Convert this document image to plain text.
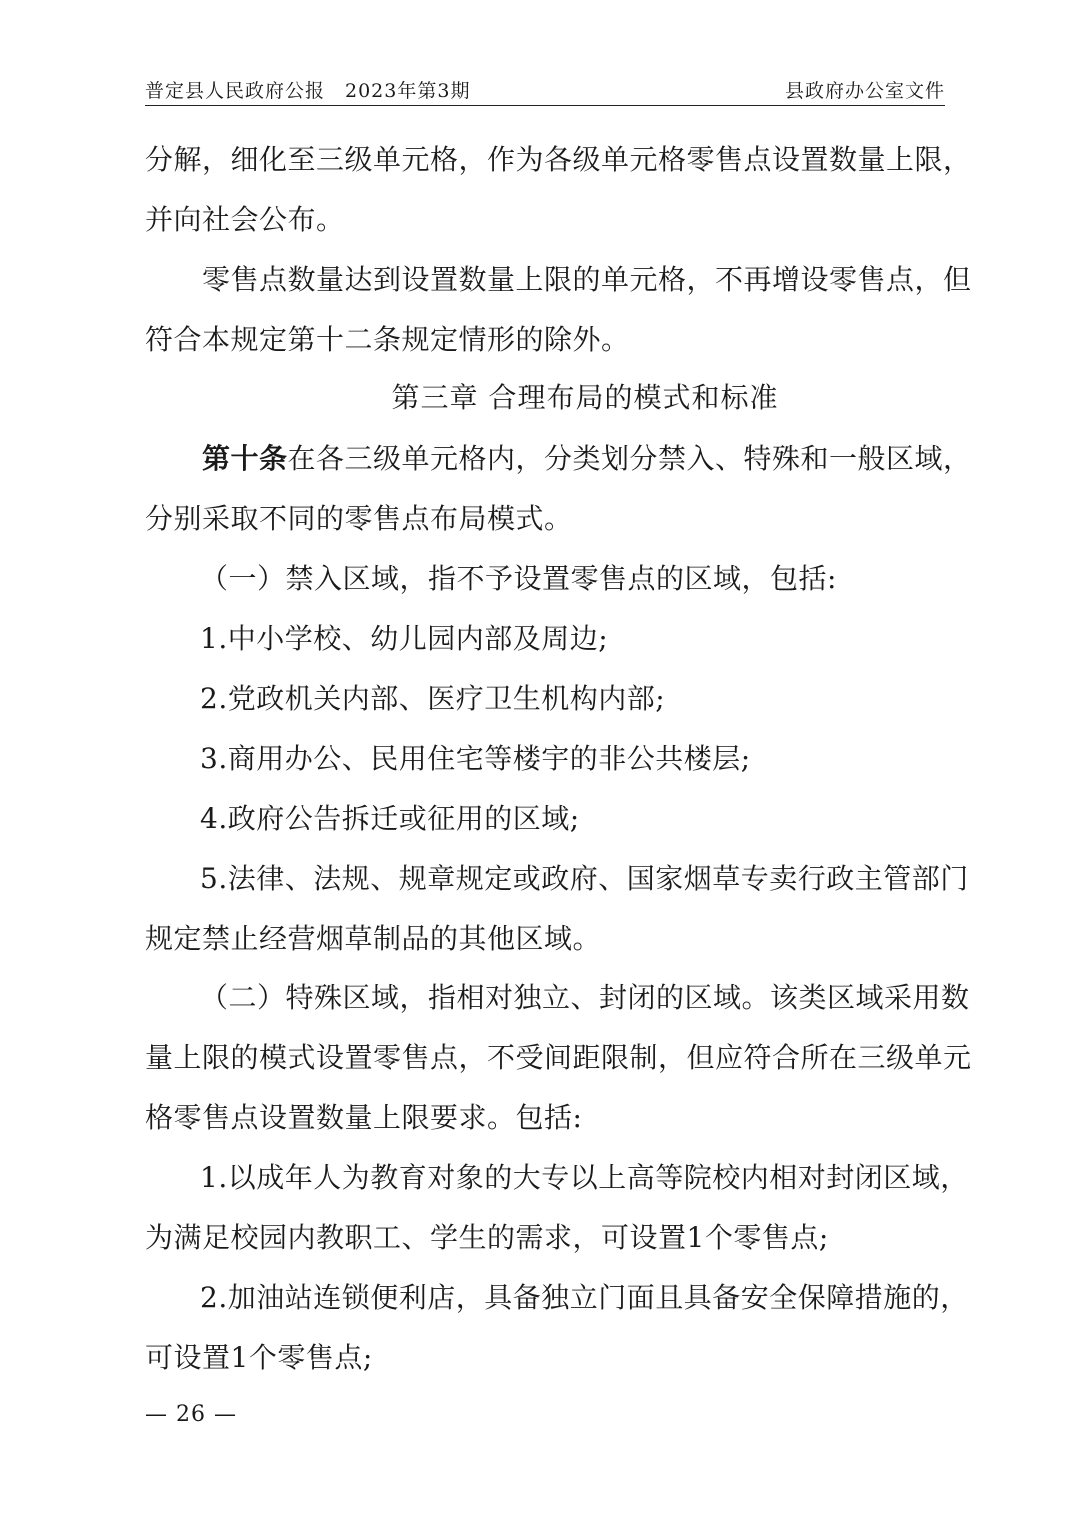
普定县人民政府公报　2023年第3期	县政府办公室文件
分解，细化至三级单元格，作为各级单元格零售点设置数量上限，
并向社会公布。
零售点数量达到设置数量上限的单元格，不再增设零售点，但
符合本规定第十二条规定情形的除外。
第三章 合理布局的模式和标准
第十条在各三级单元格内，分类划分禁入、特殊和一般区域，
分别采取不同的零售点布局模式。
（一）禁入区域，指不予设置零售点的区域，包括:
1.中小学校、幼儿园内部及周边;
2.党政机关内部、医疗卫生机构内部;
3.商用办公、民用住宅等楼宇的非公共楼层;
4.政府公告拆迁或征用的区域;
5.法律、法规、规章规定或政府、国家烟草专卖行政主管部门
规定禁止经营烟草制品的其他区域。
（二）特殊区域，指相对独立、封闭的区域。该类区域采用数
量上限的模式设置零售点，不受间距限制，但应符合所在三级单元
格零售点设置数量上限要求。包括:
1.以成年人为教育对象的大专以上高等院校内相对封闭区域，
为满足校园内教职工、学生的需求，可设置1个零售点;
2.加油站连锁便利店，具备独立门面且具备安全保障措施的，
可设置1个零售点;
— 26 —
